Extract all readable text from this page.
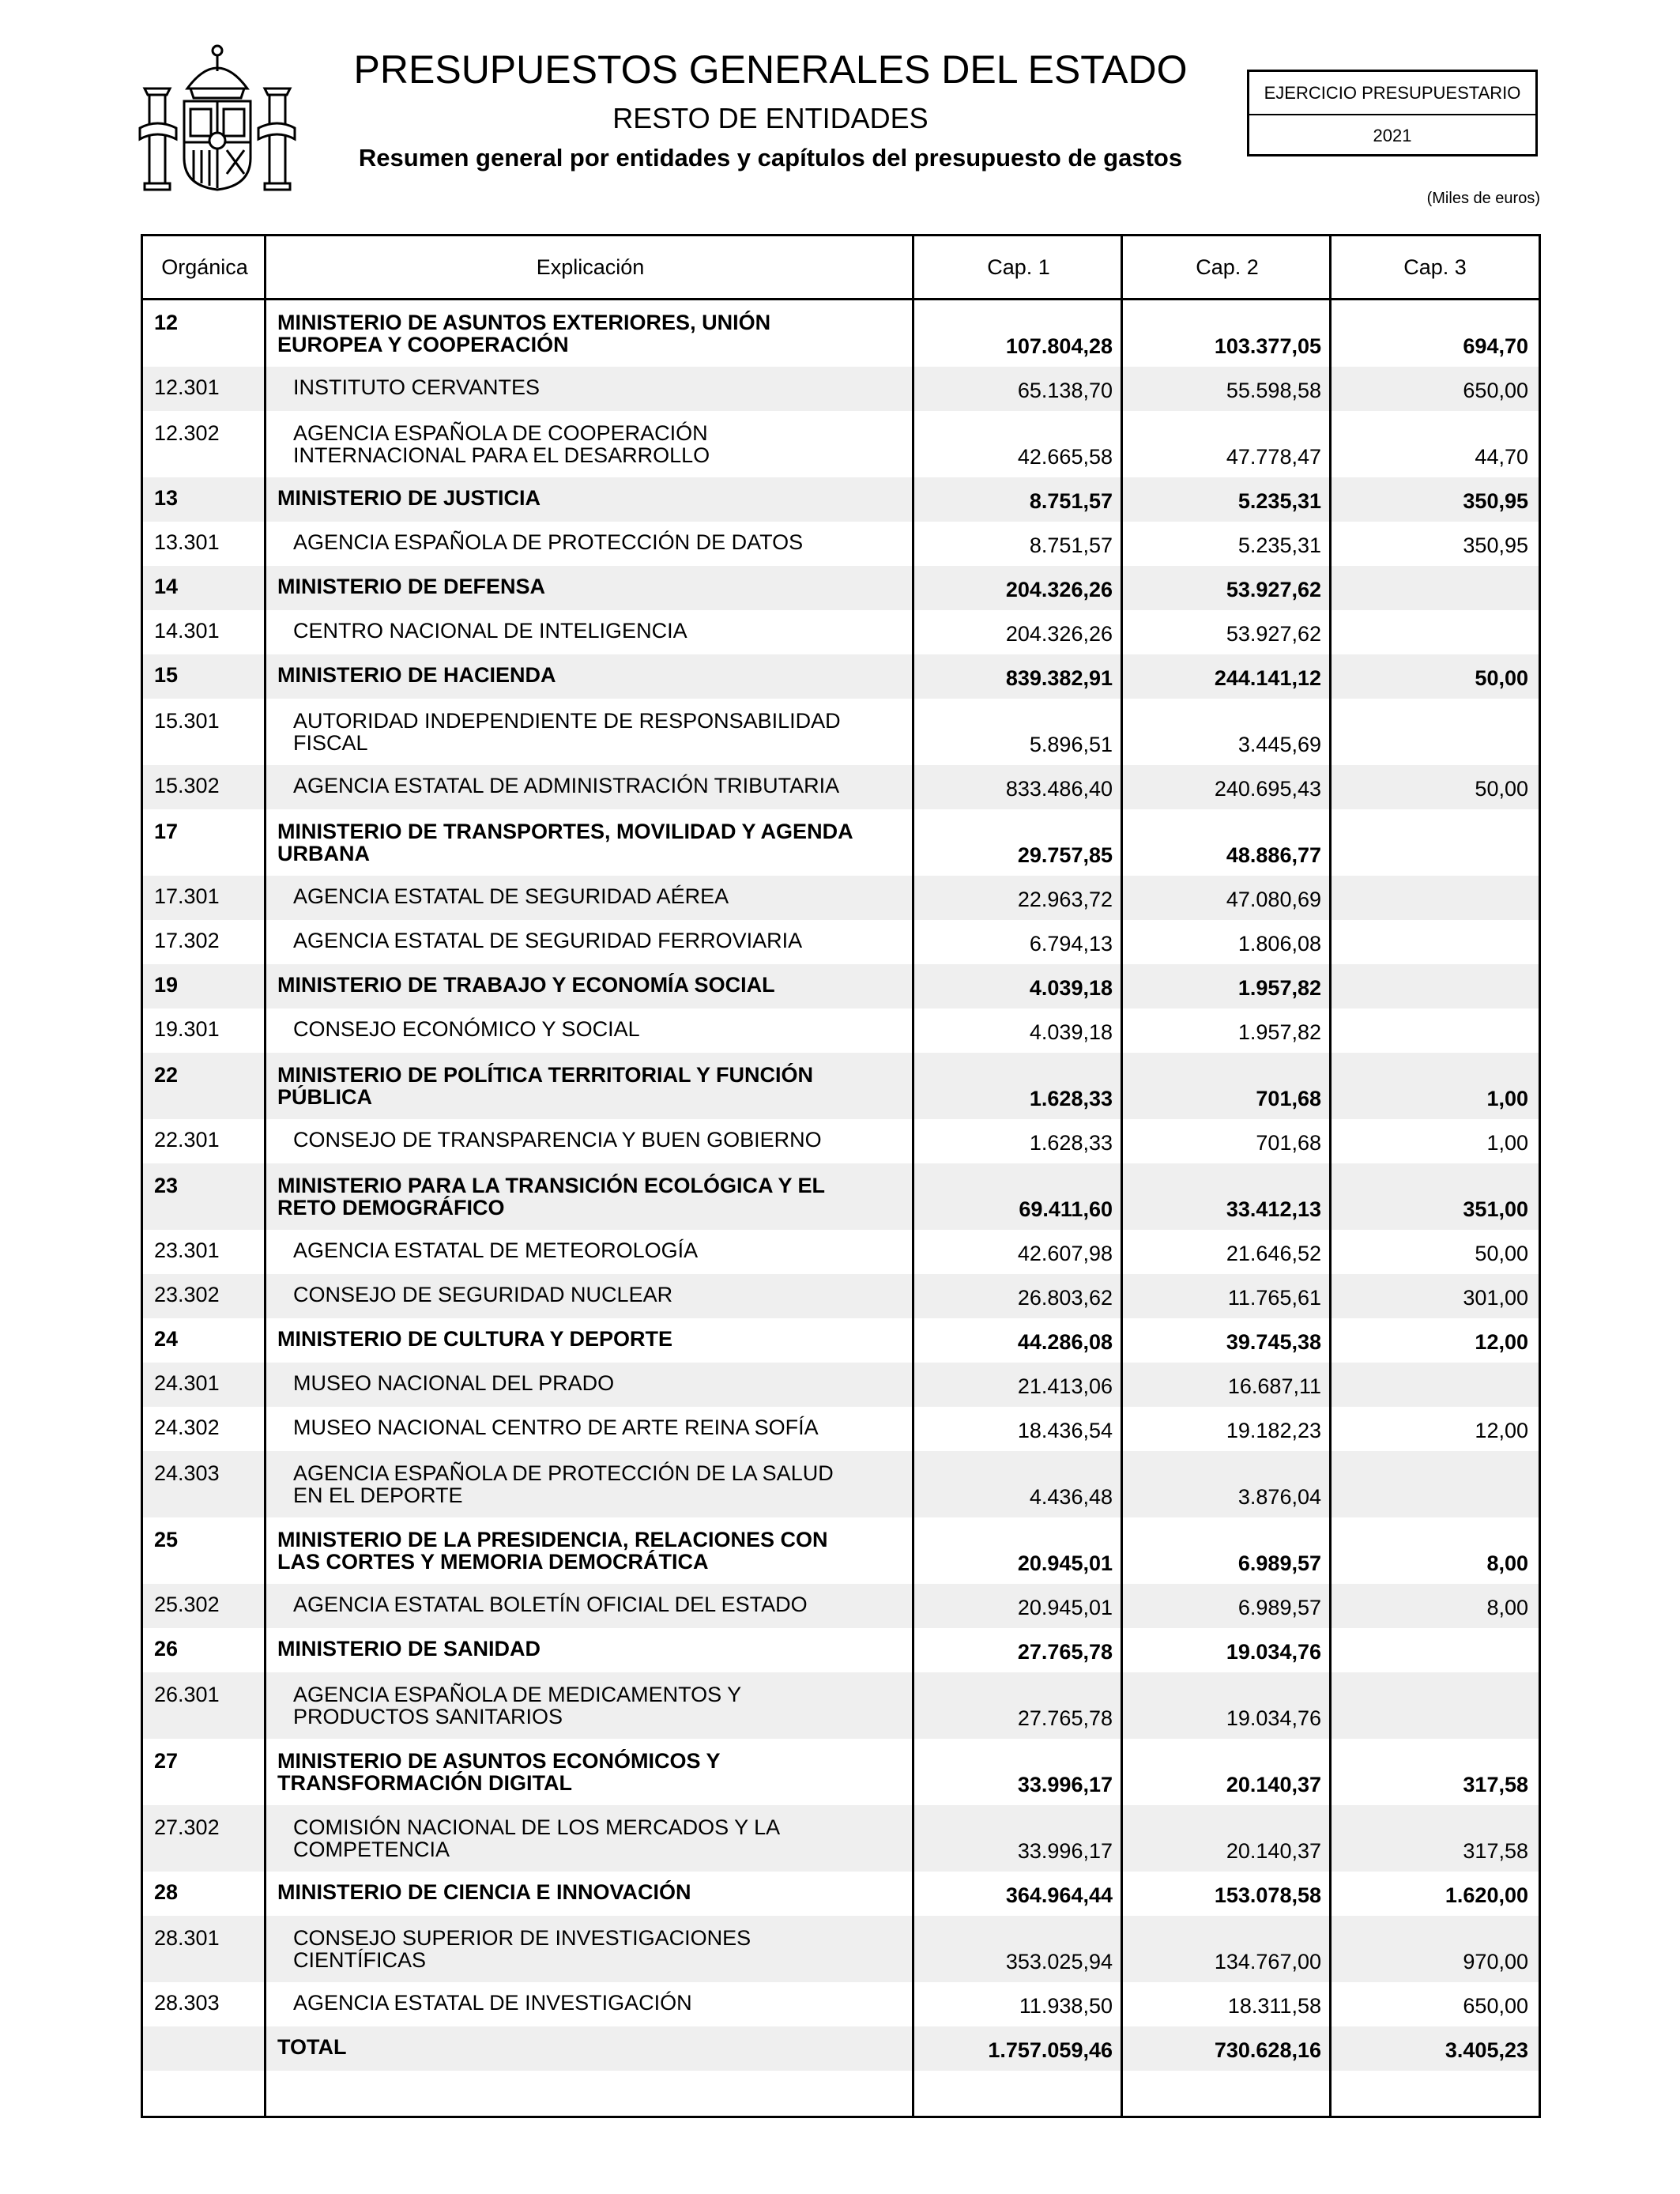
PRESUPUESTOS GENERALES DEL ESTADO
RESTO DE ENTIDADES
Resumen general por entidades y capítulos del presupuesto de gastos
EJERCICIO PRESUPUESTARIO
2021
(Miles de euros)
Orgánica	Explicación	Cap. 1	Cap. 2	Cap. 3
12	MINISTERIO DE ASUNTOS EXTERIORES, UNIÓN
EUROPEA Y COOPERACIÓN	107.804,28	103.377,05	694,70
12.301	INSTITUTO CERVANTES	65.138,70	55.598,58	650,00
12.302	AGENCIA ESPAÑOLA DE COOPERACIÓN
INTERNACIONAL PARA EL DESARROLLO	42.665,58	47.778,47	44,70
13	MINISTERIO DE JUSTICIA	8.751,57	5.235,31	350,95
13.301	AGENCIA ESPAÑOLA DE PROTECCIÓN DE DATOS	8.751,57	5.235,31	350,95
14	MINISTERIO DE DEFENSA	204.326,26	53.927,62
14.301	CENTRO NACIONAL DE INTELIGENCIA	204.326,26	53.927,62
15	MINISTERIO DE HACIENDA	839.382,91	244.141,12	50,00
15.301	AUTORIDAD INDEPENDIENTE DE RESPONSABILIDAD
FISCAL	5.896,51	3.445,69
15.302	AGENCIA ESTATAL DE ADMINISTRACIÓN TRIBUTARIA	833.486,40	240.695,43	50,00
17	MINISTERIO DE TRANSPORTES, MOVILIDAD Y AGENDA
URBANA	29.757,85	48.886,77
17.301	AGENCIA ESTATAL DE SEGURIDAD AÉREA	22.963,72	47.080,69
17.302	AGENCIA ESTATAL DE SEGURIDAD FERROVIARIA	6.794,13	1.806,08
19	MINISTERIO DE TRABAJO Y ECONOMÍA SOCIAL	4.039,18	1.957,82
19.301	CONSEJO ECONÓMICO Y SOCIAL	4.039,18	1.957,82
22	MINISTERIO DE POLÍTICA TERRITORIAL Y FUNCIÓN
PÚBLICA	1.628,33	701,68	1,00
22.301	CONSEJO DE TRANSPARENCIA Y BUEN GOBIERNO	1.628,33	701,68	1,00
23	MINISTERIO PARA LA TRANSICIÓN ECOLÓGICA Y EL
RETO DEMOGRÁFICO	69.411,60	33.412,13	351,00
23.301	AGENCIA ESTATAL DE METEOROLOGÍA	42.607,98	21.646,52	50,00
23.302	CONSEJO DE SEGURIDAD NUCLEAR	26.803,62	11.765,61	301,00
24	MINISTERIO DE CULTURA Y DEPORTE	44.286,08	39.745,38	12,00
24.301	MUSEO NACIONAL DEL PRADO	21.413,06	16.687,11
24.302	MUSEO NACIONAL CENTRO DE ARTE REINA SOFÍA	18.436,54	19.182,23	12,00
24.303	AGENCIA ESPAÑOLA DE PROTECCIÓN DE LA SALUD
EN EL DEPORTE	4.436,48	3.876,04
25	MINISTERIO DE LA PRESIDENCIA, RELACIONES CON
LAS CORTES Y MEMORIA DEMOCRÁTICA	20.945,01	6.989,57	8,00
25.302	AGENCIA ESTATAL BOLETÍN OFICIAL DEL ESTADO	20.945,01	6.989,57	8,00
26	MINISTERIO DE SANIDAD	27.765,78	19.034,76
26.301	AGENCIA ESPAÑOLA DE MEDICAMENTOS Y
PRODUCTOS SANITARIOS	27.765,78	19.034,76
27	MINISTERIO DE ASUNTOS ECONÓMICOS Y
TRANSFORMACIÓN DIGITAL	33.996,17	20.140,37	317,58
27.302	COMISIÓN NACIONAL DE LOS MERCADOS Y LA
COMPETENCIA	33.996,17	20.140,37	317,58
28	MINISTERIO DE CIENCIA E INNOVACIÓN	364.964,44	153.078,58	1.620,00
28.301	CONSEJO SUPERIOR DE INVESTIGACIONES
CIENTÍFICAS	353.025,94	134.767,00	970,00
28.303	AGENCIA ESTATAL DE INVESTIGACIÓN	11.938,50	18.311,58	650,00
TOTAL	1.757.059,46	730.628,16	3.405,23
